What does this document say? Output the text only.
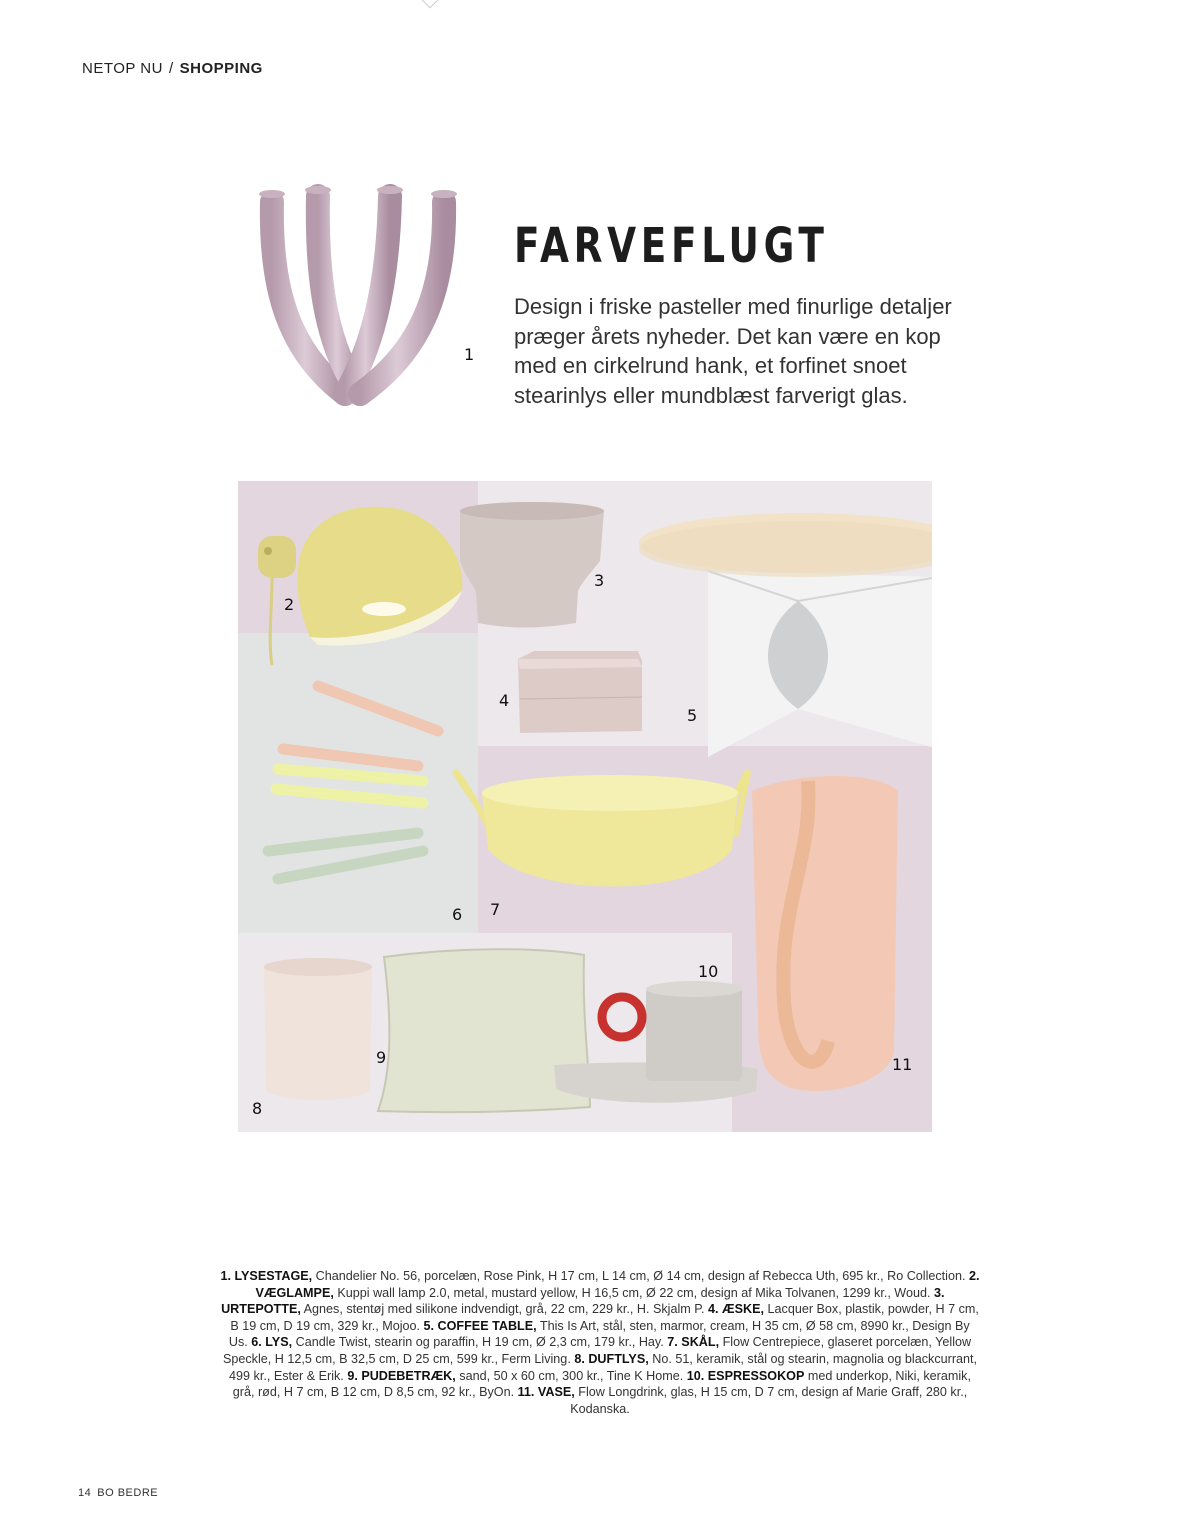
NETOP NU / SHOPPING
1
FARVEFLUGT
Design i friske pasteller med finurlige detaljer præger årets nyheder. Det kan være en kop med en cirkelrund hank, et forfinet snoet stearinlys eller mundblæst farverigt glas.
2
3
4
5
6 7
11
8
9
10
1. LYSESTAGE, Chandelier No. 56, porcelæn, Rose Pink, H 17 cm, L 14 cm, Ø 14 cm, design af Rebecca Uth, 695 kr., Ro Collection. 2. VÆGLAMPE, Kuppi wall lamp 2.0, metal, mustard yellow, H 16,5 cm, Ø 22 cm, design af Mika Tolvanen, 1299 kr., Woud. 3. URTEPOTTE, Agnes, stentøj med silikone indvendigt, grå, 22 cm, 229 kr., H. Skjalm P. 4. ÆSKE, Lacquer Box, plastik, powder, H 7 cm, B 19 cm, D 19 cm, 329 kr., Mojoo. 5. COFFEE TABLE, This Is Art, stål, sten, marmor, cream, H 35 cm, Ø 58 cm, 8990 kr., Design By Us. 6. LYS, Candle Twist, stearin og paraffin, H 19 cm, Ø 2,3 cm, 179 kr., Hay. 7. SKÅL, Flow Centrepiece, glaseret porcelæn, Yellow Speckle, H 12,5 cm, B 32,5 cm, D 25 cm, 599 kr., Ferm Living. 8. DUFTLYS, No. 51, keramik, stål og stearin, magnolia og blackcurrant, 499 kr., Ester & Erik. 9. PUDEBETRÆK, sand, 50 x 60 cm, 300 kr., Tine K Home. 10. ESPRESSOKOP med underkop, Niki, keramik, grå, rød, H 7 cm, B 12 cm, D 8,5 cm, 92 kr., ByOn. 11. VASE, Flow Longdrink, glas, H 15 cm, D 7 cm, design af Marie Graff, 280 kr., Kodanska.
14 BO BEDRE
